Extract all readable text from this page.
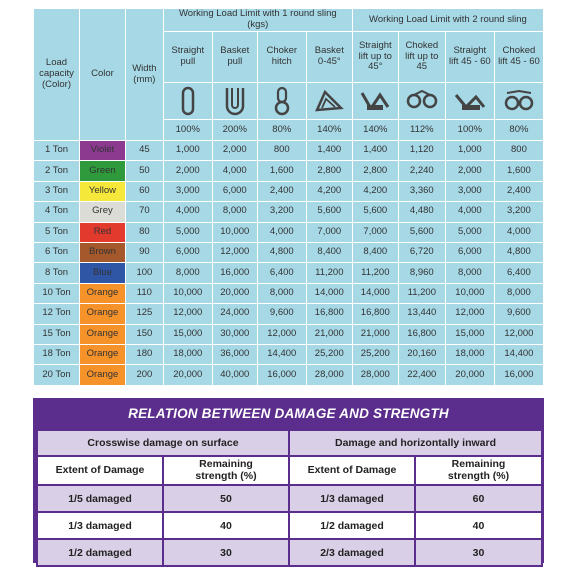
Load capacity (Color)	Color	Width (mm)	Working Load Limit with 1 round sling (kgs)				Working Load Limit with 2 round sling			
			Straight pull	Basket pull	Choker hitch	Basket 0-45°	Straight lift up to 45°	Choked lift up to 45	Straight lift 45 - 60	Choked lift 45 - 60

			100%	200%	80%	140%	140%	112%	100%	80%
1 Ton	Violet	45	1,000	2,000	800	1,400	1,400	1,120	1,000	800
2 Ton	Green	50	2,000	4,000	1,600	2,800	2,800	2,240	2,000	1,600
3 Ton	Yellow	60	3,000	6,000	2,400	4,200	4,200	3,360	3,000	2,400
4 Ton	Grey	70	4,000	8,000	3,200	5,600	5,600	4,480	4,000	3,200
5 Ton	Red	80	5,000	10,000	4,000	7,000	7,000	5,600	5,000	4,000
6 Ton	Brown	90	6,000	12,000	4,800	8,400	8,400	6,720	6,000	4,800
8 Ton	Blue	100	8,000	16,000	6,400	11,200	11,200	8,960	8,000	6,400
10 Ton	Orange	110	10,000	20,000	8,000	14,000	14,000	11,200	10,000	8,000
12 Ton	Orange	125	12,000	24,000	9,600	16,800	16,800	13,440	12,000	9,600
15 Ton	Orange	150	15,000	30,000	12,000	21,000	21,000	16,800	15,000	12,000
18 Ton	Orange	180	18,000	36,000	14,400	25,200	25,200	20,160	18,000	14,400
20 Ton	Orange	200	20,000	40,000	16,000	28,000	28,000	22,400	20,000	16,000
RELATION BETWEEN DAMAGE AND STRENGTH
Crosswise damage on surface		Damage and horizontally inward	
Extent of Damage	Remaining strength (%)	Extent of Damage	Remaining strength (%)
1/5 damaged	50	1/3 damaged	60
1/3 damaged	40	1/2 damaged	40
1/2 damaged	30	2/3 damaged	30
